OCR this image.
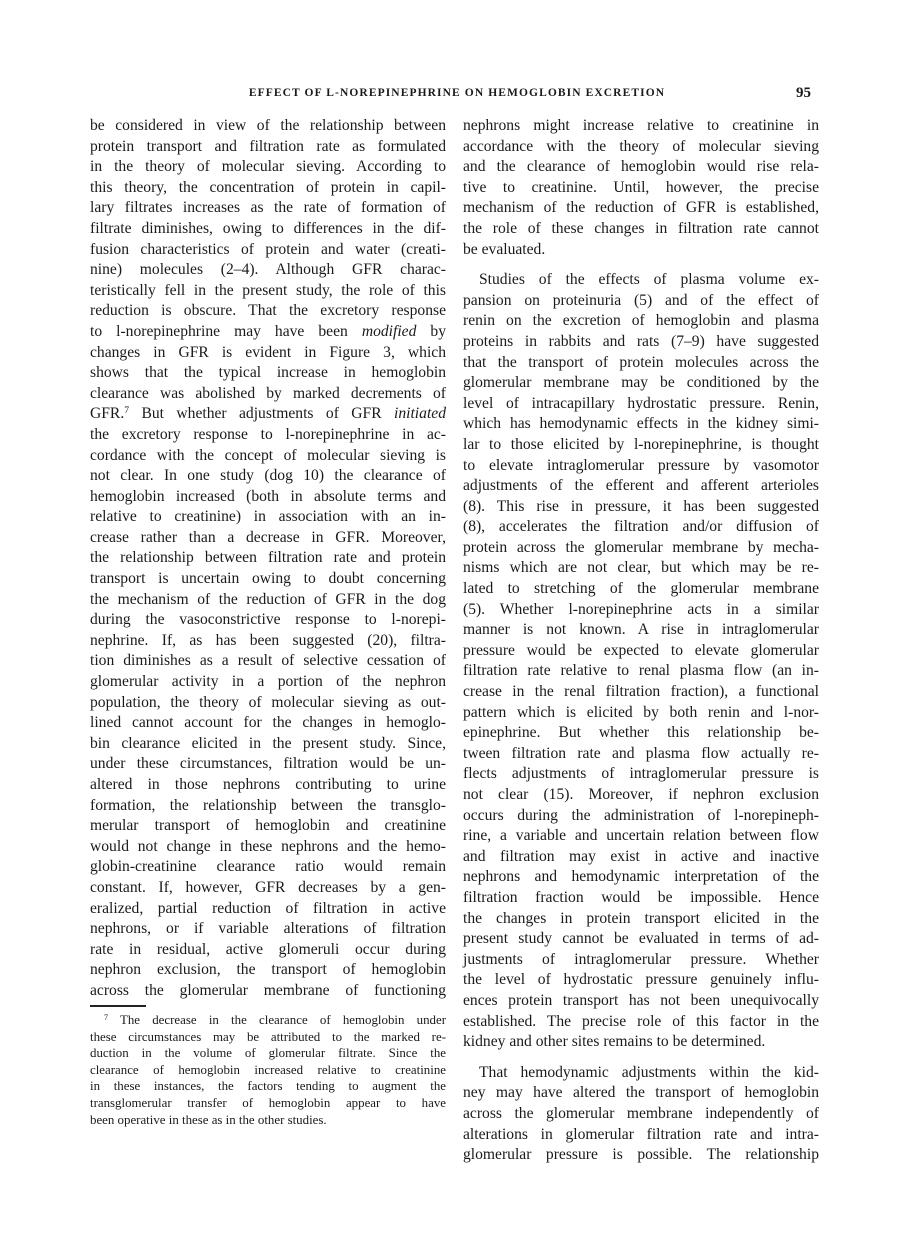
EFFECT OF L-NOREPINEPHRINE ON HEMOGLOBIN EXCRETION	95
be considered in view of the relationship between
protein transport and filtration rate as formulated
in the theory of molecular sieving. According to
this theory, the concentration of protein in capil-
lary filtrates increases as the rate of formation of
filtrate diminishes, owing to differences in the dif-
fusion characteristics of protein and water (creati-
nine) molecules (2–4). Although GFR charac-
teristically fell in the present study, the role of this
reduction is obscure. That the excretory response
to l-norepinephrine may have been modified by
changes in GFR is evident in Figure 3, which
shows that the typical increase in hemoglobin
clearance was abolished by marked decrements of
GFR.$^7$ But whether adjustments of GFR initiated
the excretory response to l-norepinephrine in ac-
cordance with the concept of molecular sieving is
not clear. In one study (dog 10) the clearance of
hemoglobin increased (both in absolute terms and
relative to creatinine) in association with an in-
crease rather than a decrease in GFR. Moreover,
the relationship between filtration rate and protein
transport is uncertain owing to doubt concerning
the mechanism of the reduction of GFR in the dog
during the vasoconstrictive response to l-norepi-
nephrine. If, as has been suggested (20), filtra-
tion diminishes as a result of selective cessation of
glomerular activity in a portion of the nephron
population, the theory of molecular sieving as out-
lined cannot account for the changes in hemoglo-
bin clearance elicited in the present study. Since,
under these circumstances, filtration would be un-
altered in those nephrons contributing to urine
formation, the relationship between the transglo-
merular transport of hemoglobin and creatinine
would not change in these nephrons and the hemo-
globin-creatinine clearance ratio would remain
constant. If, however, GFR decreases by a gen-
eralized, partial reduction of filtration in active
nephrons, or if variable alterations of filtration
rate in residual, active glomeruli occur during
nephron exclusion, the transport of hemoglobin
across the glomerular membrane of functioning
nephrons might increase relative to creatinine in
accordance with the theory of molecular sieving
and the clearance of hemoglobin would rise rela-
tive to creatinine. Until, however, the precise
mechanism of the reduction of GFR is established,
the role of these changes in filtration rate cannot
be evaluated.
Studies of the effects of plasma volume ex-
pansion on proteinuria (5) and of the effect of
renin on the excretion of hemoglobin and plasma
proteins in rabbits and rats (7–9) have suggested
that the transport of protein molecules across the
glomerular membrane may be conditioned by the
level of intracapillary hydrostatic pressure. Renin,
which has hemodynamic effects in the kidney simi-
lar to those elicited by l-norepinephrine, is thought
to elevate intraglomerular pressure by vasomotor
adjustments of the efferent and afferent arterioles
(8). This rise in pressure, it has been suggested
(8), accelerates the filtration and/or diffusion of
protein across the glomerular membrane by mecha-
nisms which are not clear, but which may be re-
lated to stretching of the glomerular membrane
(5). Whether l-norepinephrine acts in a similar
manner is not known. A rise in intraglomerular
pressure would be expected to elevate glomerular
filtration rate relative to renal plasma flow (an in-
crease in the renal filtration fraction), a functional
pattern which is elicited by both renin and l-nor-
epinephrine. But whether this relationship be-
tween filtration rate and plasma flow actually re-
flects adjustments of intraglomerular pressure is
not clear (15). Moreover, if nephron exclusion
occurs during the administration of l-norepineph-
rine, a variable and uncertain relation between flow
and filtration may exist in active and inactive
nephrons and hemodynamic interpretation of the
filtration fraction would be impossible. Hence
the changes in protein transport elicited in the
present study cannot be evaluated in terms of ad-
justments of intraglomerular pressure. Whether
the level of hydrostatic pressure genuinely influ-
ences protein transport has not been unequivocally
established. The precise role of this factor in the
kidney and other sites remains to be determined.
That hemodynamic adjustments within the kid-
ney may have altered the transport of hemoglobin
across the glomerular membrane independently of
alterations in glomerular filtration rate and intra-
glomerular pressure is possible. The relationship
$^7$ The decrease in the clearance of hemoglobin under
these circumstances may be attributed to the marked re-
duction in the volume of glomerular filtrate. Since the
clearance of hemoglobin increased relative to creatinine
in these instances, the factors tending to augment the
transglomerular transfer of hemoglobin appear to have
been operative in these as in the other studies.
